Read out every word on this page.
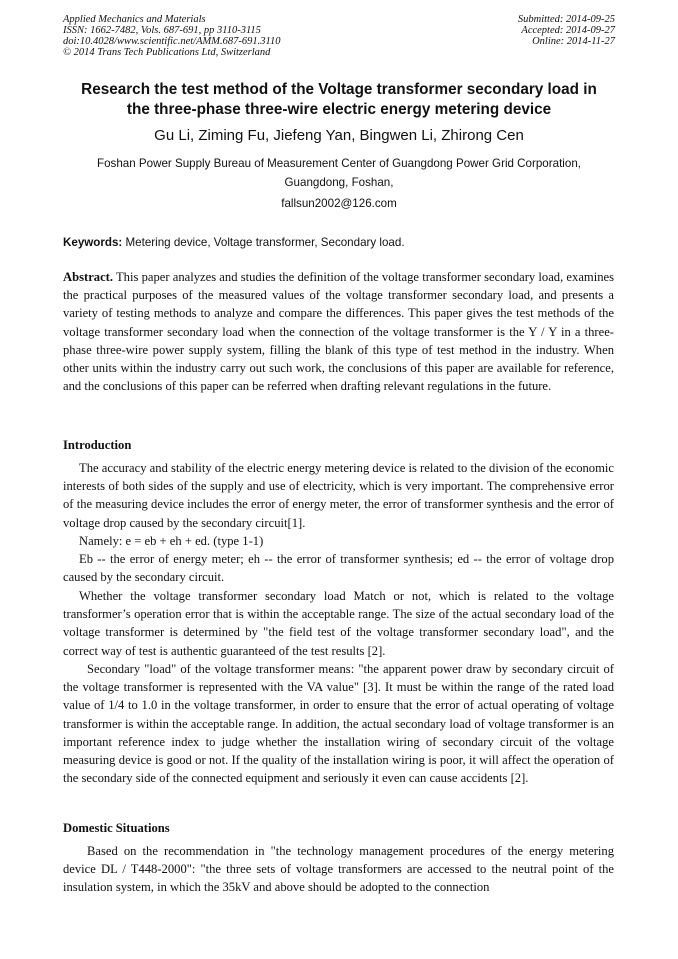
Applied Mechanics and Materials
ISSN: 1662-7482, Vols. 687-691, pp 3110-3115
doi:10.4028/www.scientific.net/AMM.687-691.3110
© 2014 Trans Tech Publications Ltd, Switzerland
Submitted: 2014-09-25
Accepted: 2014-09-27
Online: 2014-11-27
Research the test method of the Voltage transformer secondary load in
the three-phase three-wire electric energy metering device
Gu Li, Ziming Fu, Jiefeng Yan, Bingwen Li, Zhirong Cen
Foshan Power Supply Bureau of Measurement Center of Guangdong Power Grid Corporation,
Guangdong, Foshan,
fallsun2002@126.com
Keywords: Metering device, Voltage transformer, Secondary load.
Abstract. This paper analyzes and studies the definition of the voltage transformer secondary load, examines the practical purposes of the measured values of the voltage transformer secondary load, and presents a variety of testing methods to analyze and compare the differences. This paper gives the test methods of the voltage transformer secondary load when the connection of the voltage transformer is the Y / Y in a three-phase three-wire power supply system, filling the blank of this type of test method in the industry. When other units within the industry carry out such work, the conclusions of this paper are available for reference, and the conclusions of this paper can be referred when drafting relevant regulations in the future.
Introduction
The accuracy and stability of the electric energy metering device is related to the division of the economic interests of both sides of the supply and use of electricity, which is very important. The comprehensive error of the measuring device includes the error of energy meter, the error of transformer synthesis and the error of voltage drop caused by the secondary circuit[1].
Namely: e = eb + eh + ed. (type 1-1)
Eb -- the error of energy meter; eh -- the error of transformer synthesis; ed -- the error of voltage drop caused by the secondary circuit.
Whether the voltage transformer secondary load Match or not, which is related to the voltage transformer’s operation error that is within the acceptable range. The size of the actual secondary load of the voltage transformer is determined by "the field test of the voltage transformer secondary load", and the correct way of test is authentic guaranteed of the test results [2].
Secondary "load" of the voltage transformer means: "the apparent power draw by secondary circuit of the voltage transformer is represented with the VA value" [3]. It must be within the range of the rated load value of 1/4 to 1.0 in the voltage transformer, in order to ensure that the error of actual operating of voltage transformer is within the acceptable range. In addition, the actual secondary load of voltage transformer is an important reference index to judge whether the installation wiring of secondary circuit of the voltage measuring device is good or not. If the quality of the installation wiring is poor, it will affect the operation of the secondary side of the connected equipment and seriously it even can cause accidents [2].
Domestic Situations
Based on the recommendation in "the technology management procedures of the energy metering device DL / T448-2000": "the three sets of voltage transformers are accessed to the neutral point of the insulation system, in which the 35kV and above should be adopted to the connection
